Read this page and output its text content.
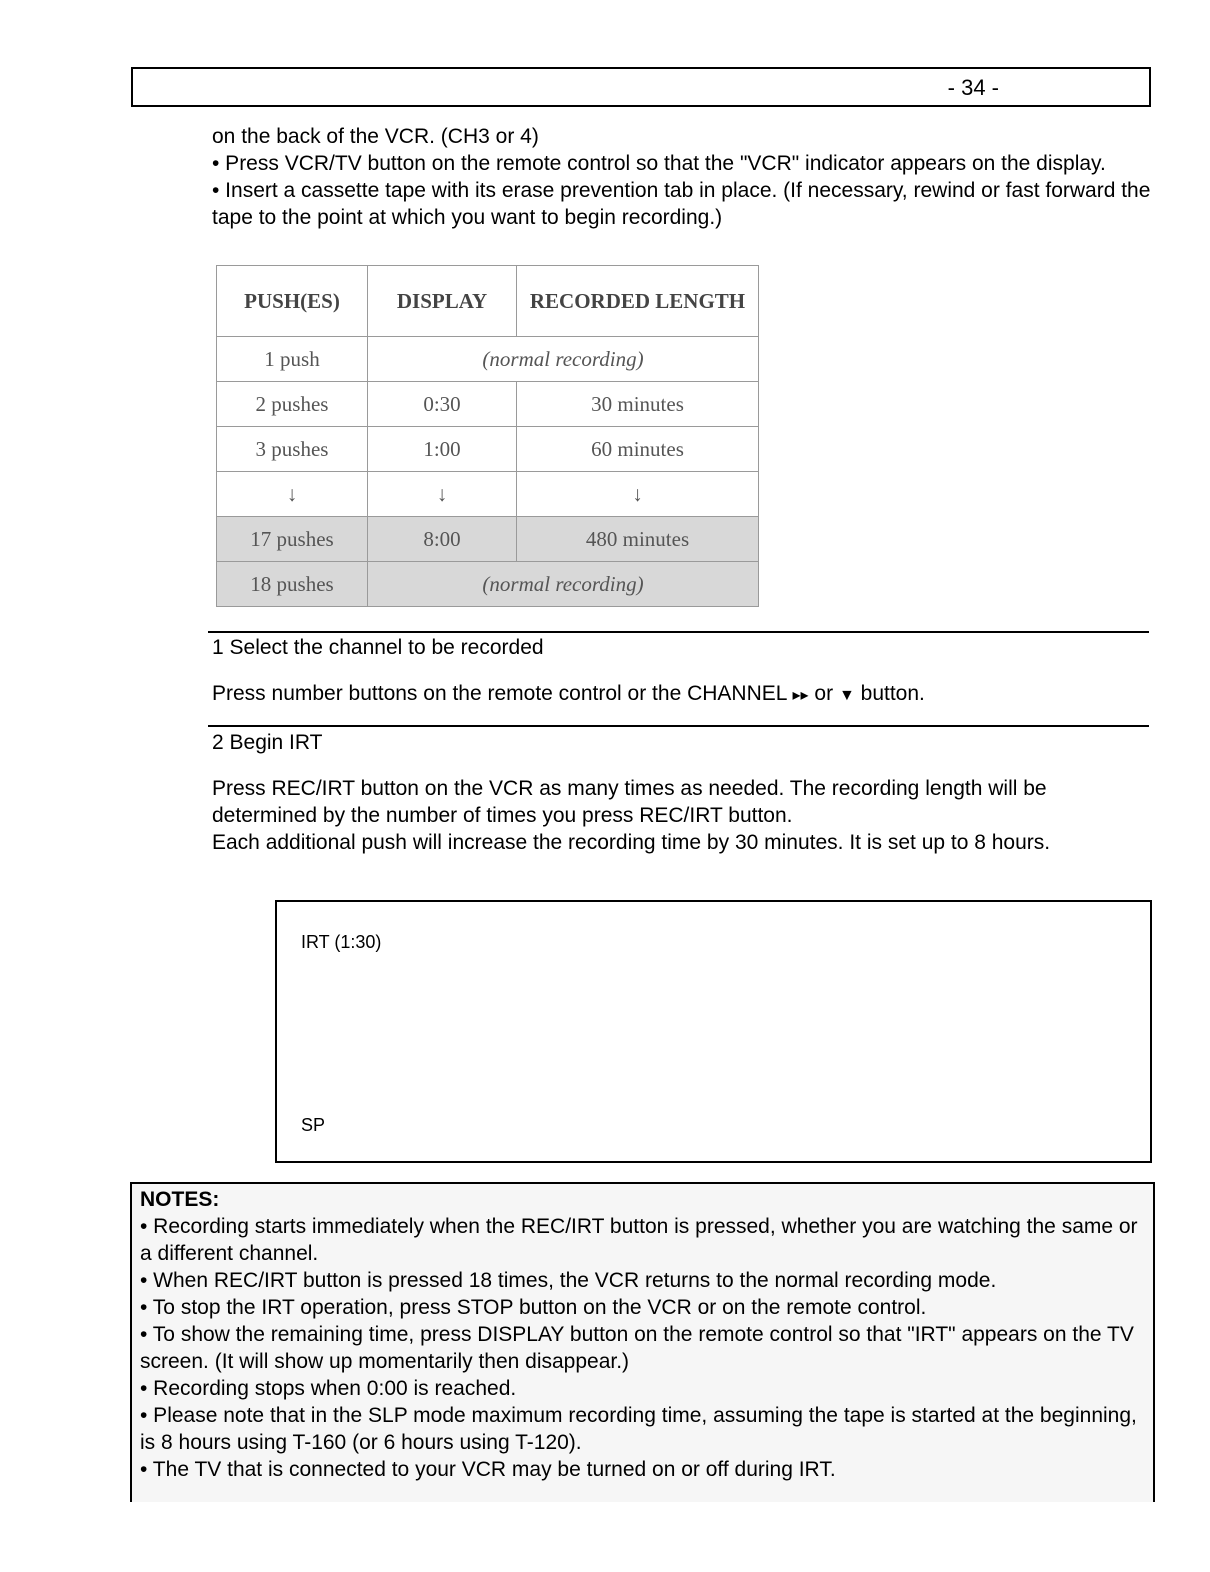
- 34 -
on the back of the VCR. (CH3 or 4)
• Press VCR/TV button on the remote control so that the "VCR" indicator appears on the display.
• Insert a cassette tape with its erase prevention tab in place. (If necessary, rewind or fast forward the tape to the point at which you want to begin recording.)
PUSH(ES)	DISPLAY	RECORDED LENGTH
1 push	(normal recording)	
2 pushes	0:30	30 minutes
3 pushes	1:00	60 minutes
↓	↓	↓
17 pushes	8:00	480 minutes
18 pushes	(normal recording)	
1 Select the channel to be recorded
Press number buttons on the remote control or the CHANNEL ▸▸ or ▼ button.
2 Begin IRT
Press REC/IRT button on the VCR as many times as needed. The recording length will be determined by the number of times you press REC/IRT button.
Each additional push will increase the recording time by 30 minutes. It is set up to 8 hours.
IRT (1:30)
SP
NOTES:
• Recording starts immediately when the REC/IRT button is pressed, whether you are watching the same or a different channel.
• When REC/IRT button is pressed 18 times, the VCR returns to the normal recording mode.
• To stop the IRT operation, press STOP button on the VCR or on the remote control.
• To show the remaining time, press DISPLAY button on the remote control so that "IRT" appears on the TV screen. (It will show up momentarily then disappear.)
• Recording stops when 0:00 is reached.
• Please note that in the SLP mode maximum recording time, assuming the tape is started at the beginning, is 8 hours using T-160 (or 6 hours using T-120).
• The TV that is connected to your VCR may be turned on or off during IRT.
